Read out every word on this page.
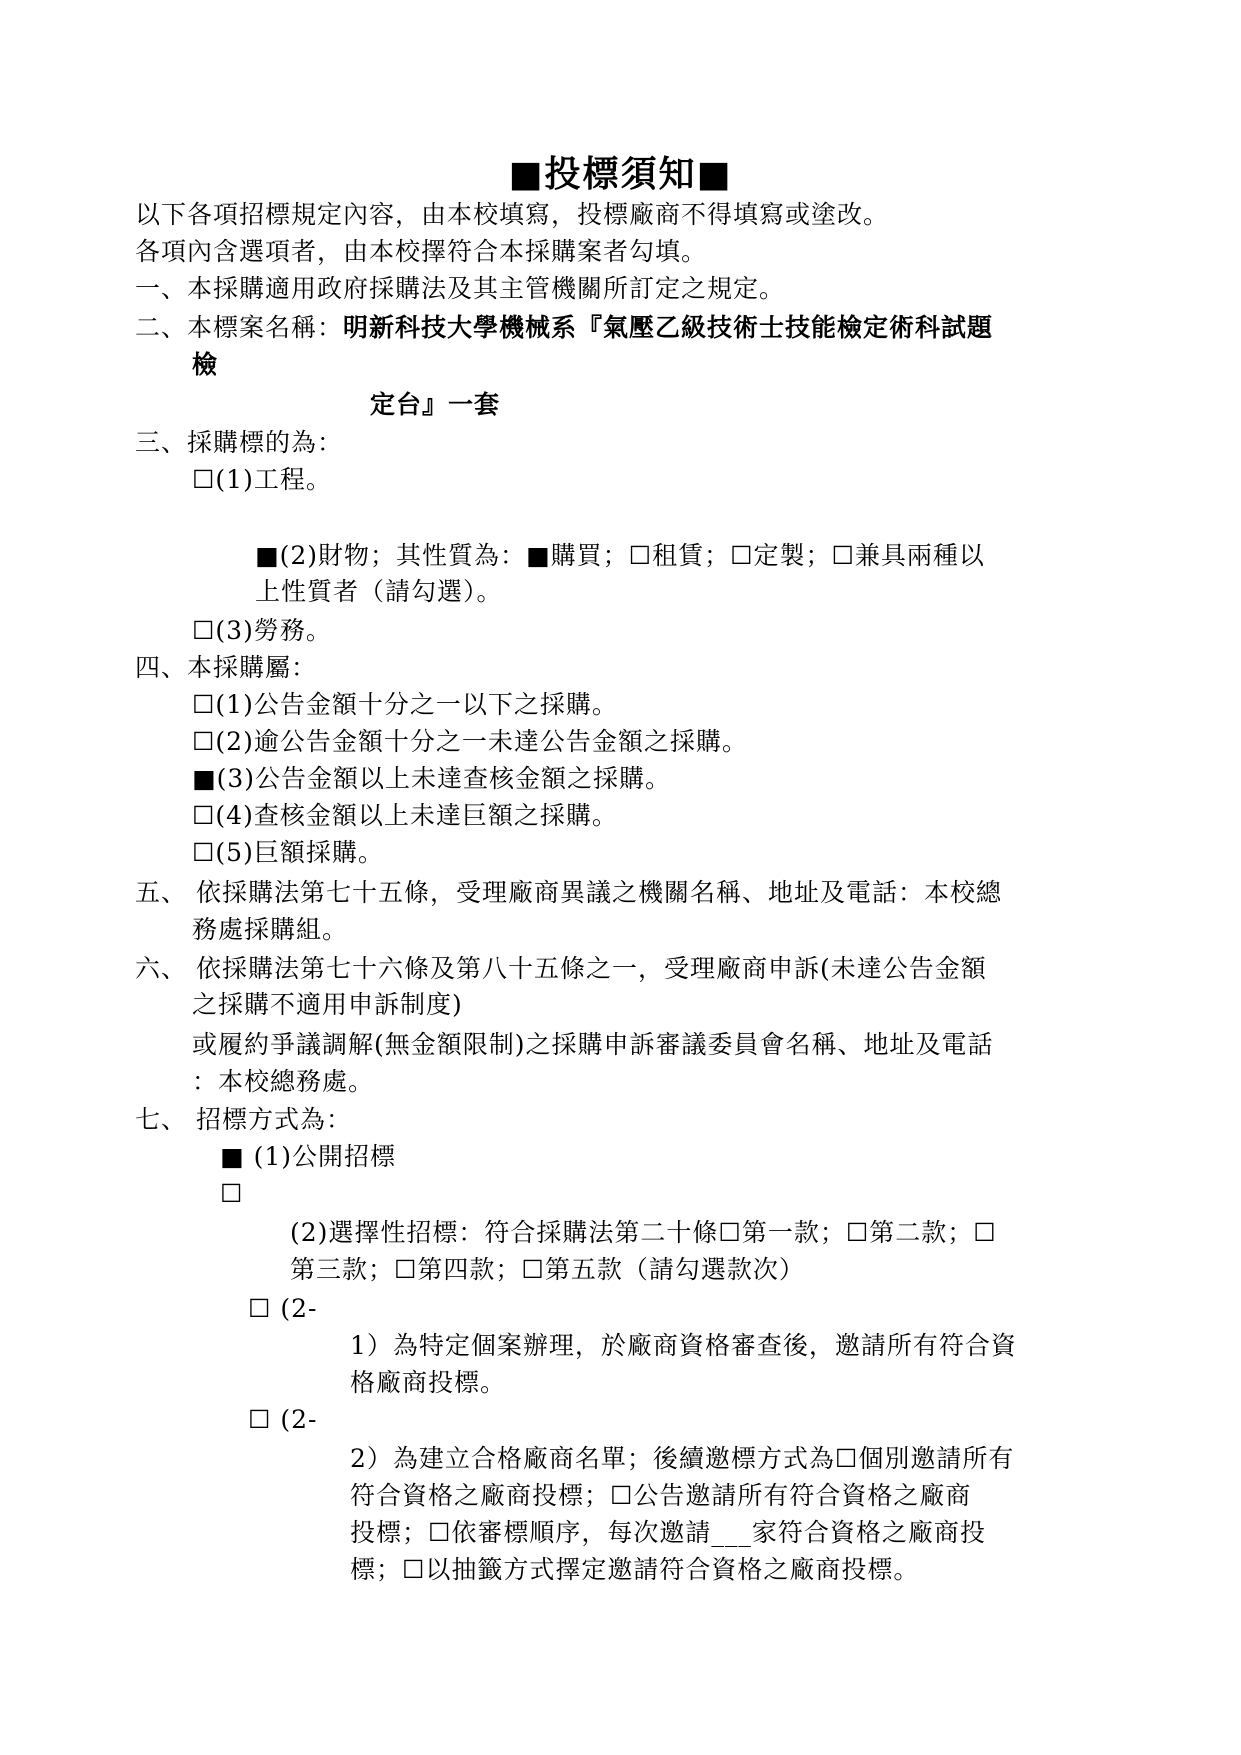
■投標須知■
以下各項招標規定內容，由本校填寫，投標廠商不得填寫或塗改。
各項內含選項者，由本校擇符合本採購案者勾填。
一、本採購適用政府採購法及其主管機關所訂定之規定。
二、本標案名稱：明新科技大學機械系『氣壓乙級技術士技能檢定術科試題
檢
定台』一套
三、採購標的為：
☐(1)工程。
■(2)財物；其性質為：■購買；☐租賃；☐定製；☐兼具兩種以
上性質者（請勾選）。
☐(3)勞務。
四、本採購屬：
☐(1)公告金額十分之一以下之採購。
☐(2)逾公告金額十分之一未達公告金額之採購。
■(3)公告金額以上未達查核金額之採購。
☐(4)查核金額以上未達巨額之採購。
☐(5)巨額採購。
五、 依採購法第七十五條，受理廠商異議之機關名稱、地址及電話：本校總
務處採購組。
六、 依採購法第七十六條及第八十五條之一，受理廠商申訴(未達公告金額
之採購不適用申訴制度)
或履約爭議調解(無金額限制)之採購申訴審議委員會名稱、地址及電話
：本校總務處。
七、 招標方式為：
■ (1)公開招標
☐
(2)選擇性招標：符合採購法第二十條☐第一款；☐第二款；☐
第三款；☐第四款；☐第五款（請勾選款次）
☐ (2-
1）為特定個案辦理，於廠商資格審查後，邀請所有符合資
格廠商投標。
☐ (2-
2）為建立合格廠商名單；後續邀標方式為☐個別邀請所有
符合資格之廠商投標；☐公告邀請所有符合資格之廠商
投標；☐依審標順序，每次邀請___家符合資格之廠商投
標；☐以抽籤方式擇定邀請符合資格之廠商投標。
